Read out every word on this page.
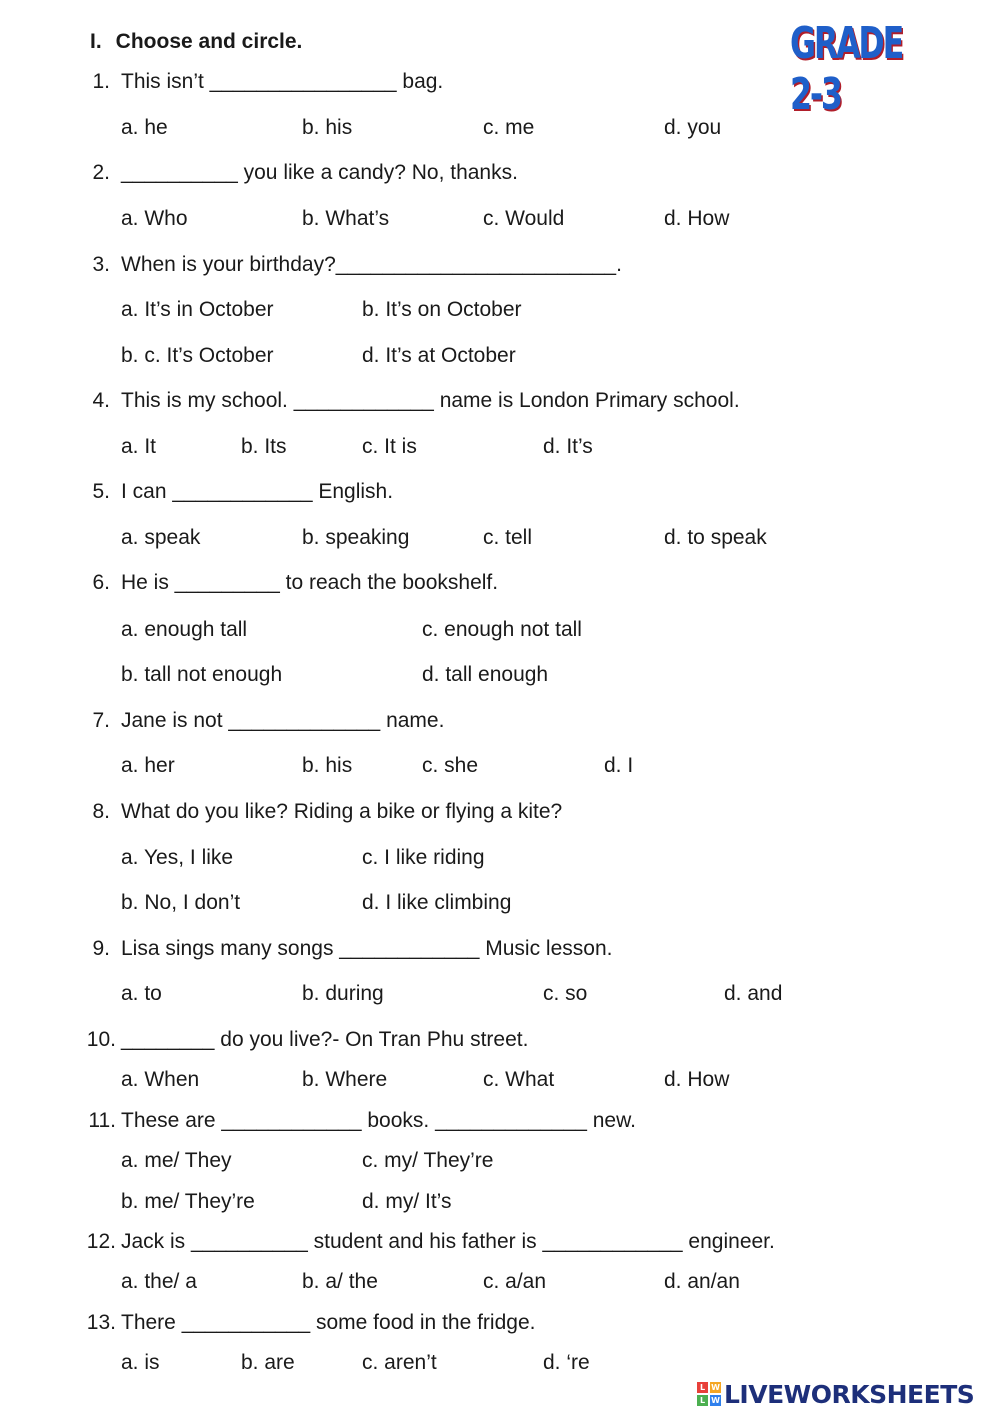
I. Choose and circle.	GRADE 2-3
1. This isn’t ________________ bag.
a. he	b. his	c. me	d. you
2. __________ you like a candy? No, thanks.
a. Who	b. What’s	c. Would	d. How
3. When is your birthday?________________________.
a. It’s in October	b. It’s on October
b. c. It’s October	d. It’s at October
4. This is my school. ____________ name is London Primary school.
a. It	b. Its	c. It is	d. It’s
5. I can ____________ English.
a. speak	b. speaking	c. tell	d. to speak
6. He is _________ to reach the bookshelf.
a. enough tall	c. enough not tall
b. tall not enough	d. tall enough
7. Jane is not _____________ name.
a. her	b. his	c. she	d. I
8. What do you like? Riding a bike or flying a kite?
a. Yes, I like	c. I like riding
b. No, I don’t	d. I like climbing
9. Lisa sings many songs ____________ Music lesson.
a. to	b. during	c. so	d. and
10. ________ do you live?- On Tran Phu street.
a. When	b. Where	c. What	d. How
11. These are ____________ books. _____________ new.
a. me/ They	c. my/ They’re
b. me/ They’re	d. my/ It’s
12. Jack is __________ student and his father is ____________ engineer.
a. the/ a	b. a/ the	c. a/an	d. an/an
13. There ___________ some food in the fridge.
a. is	b. are	c. aren’t	d. ‘re
L W
L W LIVEWORKSHEETS
